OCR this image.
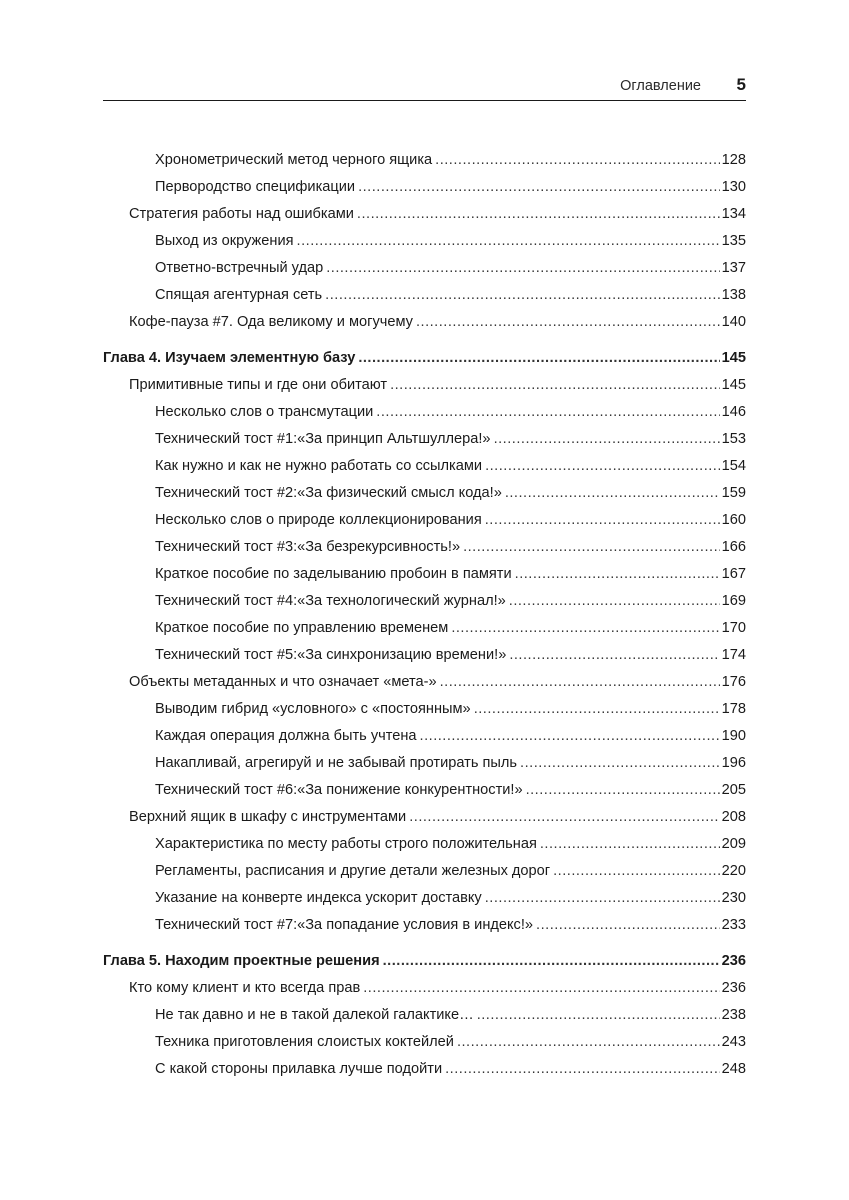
Оглавление 5
Хронометрический метод черного ящика .....	128
Первородство спецификации .....	130
Стратегия работы над ошибками .....	134
Выход из окружения .....	135
Ответно-встречный удар .....	137
Спящая агентурная сеть .....	138
Кофе-пауза #7. Ода великому и могучему .....	140
Глава 4. Изучаем элементную базу .....	145
Примитивные типы и где они обитают .....	145
Несколько слов о трансмутации .....	146
Технический тост #1:«За принцип Альтшуллера!» .....	153
Как нужно и как не нужно работать со ссылками .....	154
Технический тост #2:«За физический смысл кода!» .....	159
Несколько слов о природе коллекционирования .....	160
Технический тост #3:«За безрекурсивность!» .....	166
Краткое пособие по заделыванию пробоин в памяти .....	167
Технический тост #4:«За технологический журнал!» .....	169
Краткое пособие по управлению временем .....	170
Технический тост #5:«За синхронизацию времени!» .....	174
Объекты метаданных и что означает «мета-» .....	176
Выводим гибрид «условного» с «постоянным» .....	178
Каждая операция должна быть учтена .....	190
Накапливай, агрегируй и не забывай протирать пыль .....	196
Технический тост #6:«За понижение конкурентности!» .....	205
Верхний ящик в шкафу с инструментами .....	208
Характеристика по месту работы строго положительная .....	209
Регламенты, расписания и другие детали железных дорог .....	220
Указание на конверте индекса ускорит доставку .....	230
Технический тост #7:«За попадание условия в индекс!» .....	233
Глава 5. Находим проектные решения .....	236
Кто кому клиент и кто всегда прав .....	236
Не так давно и не в такой далекой галактике… .....	238
Техника приготовления слоистых коктейлей .....	243
С какой стороны прилавка лучше подойти .....	248
